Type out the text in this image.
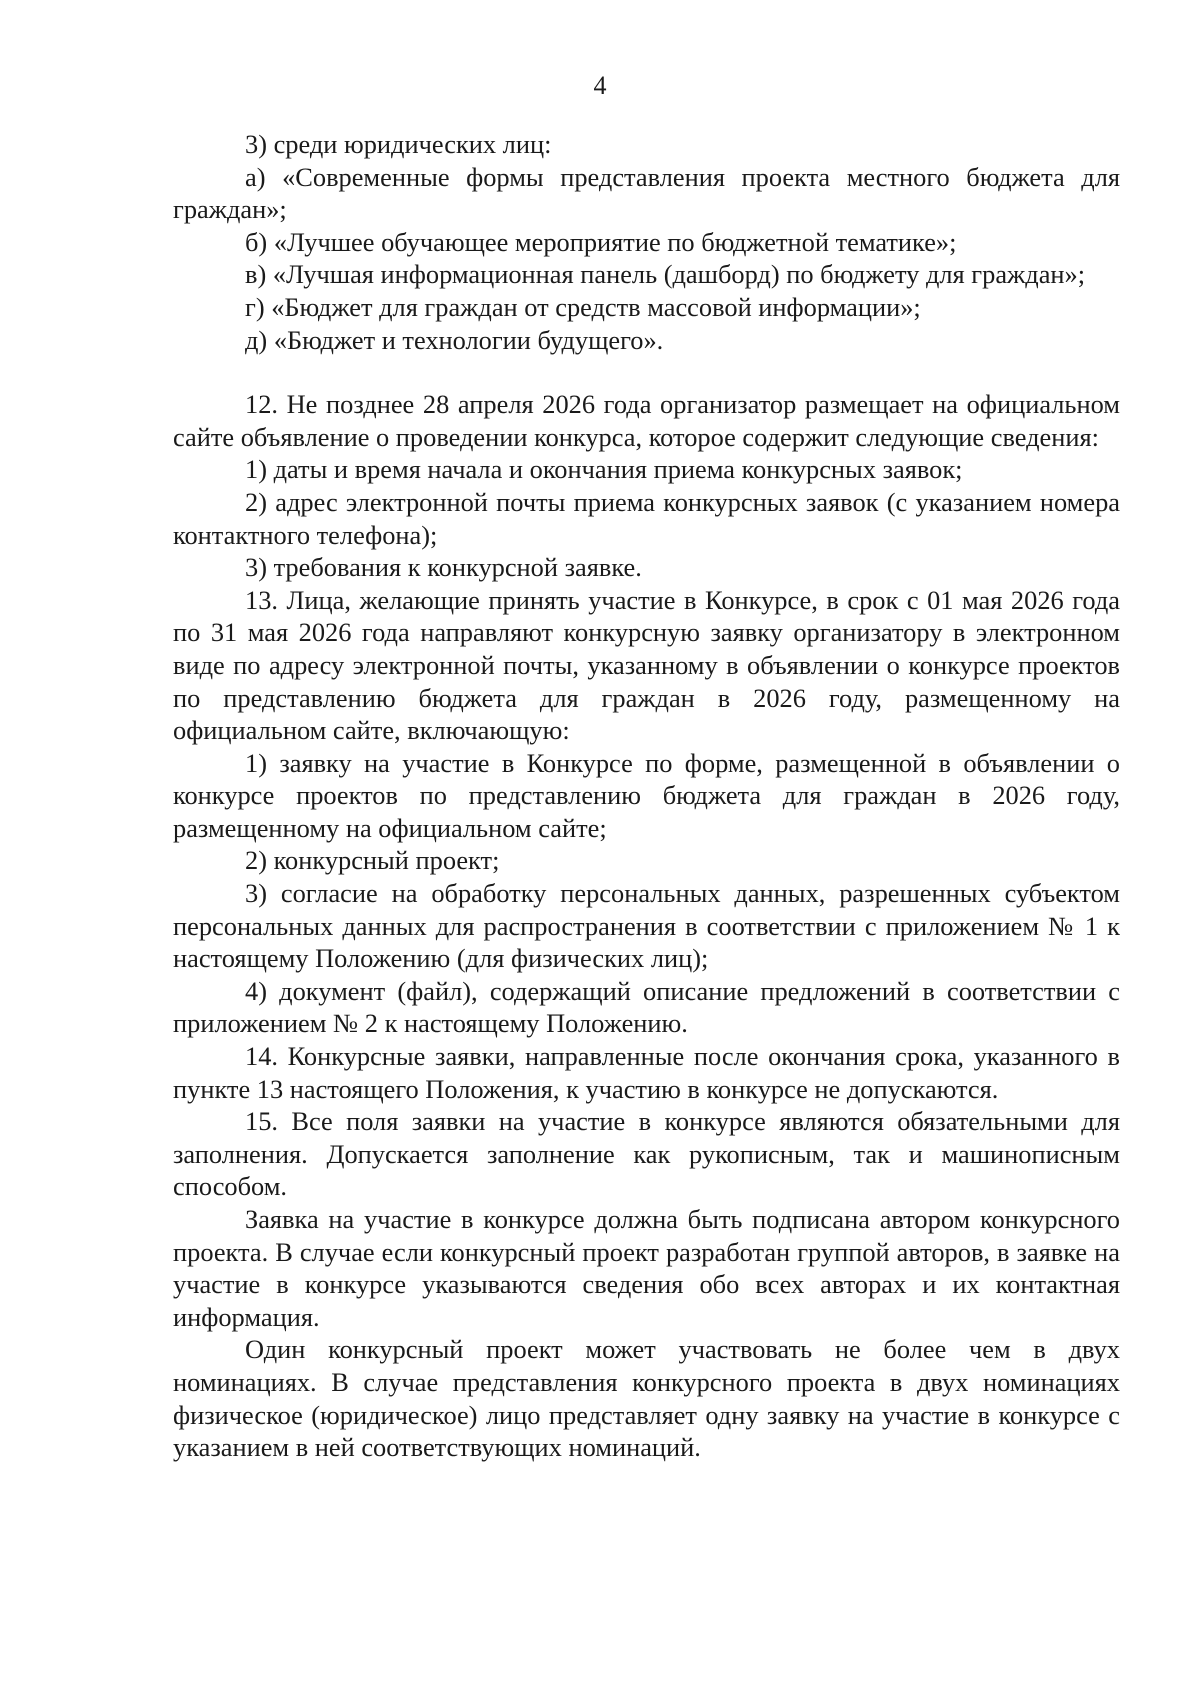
4

3) среди юридических лиц:

а) «Современные формы представления проекта местного бюджета для граждан»;

б) «Лучшее обучающее мероприятие по бюджетной тематике»;

в) «Лучшая информационная панель (дашборд) по бюджету для граждан»;

г) «Бюджет для граждан от средств массовой информации»;

д) «Бюджет и технологии будущего».

12. Не позднее 28 апреля 2026 года организатор размещает на официальном сайте объявление о проведении конкурса, которое содержит следующие сведения:

1) даты и время начала и окончания приема конкурсных заявок;

2) адрес электронной почты приема конкурсных заявок (с указанием номера контактного телефона);

3) требования к конкурсной заявке.

13. Лица, желающие принять участие в Конкурсе, в срок с 01 мая 2026 года по 31 мая 2026 года направляют конкурсную заявку организатору в электронном виде по адресу электронной почты, указанному в объявлении о конкурсе проектов по представлению бюджета для граждан в 2026 году, размещенному на официальном сайте, включающую:

1) заявку на участие в Конкурсе по форме, размещенной в объявлении о конкурсе проектов по представлению бюджета для граждан в 2026 году, размещенному на официальном сайте;

2) конкурсный проект;

3) согласие на обработку персональных данных, разрешенных субъектом персональных данных для распространения в соответствии с приложением № 1 к настоящему Положению (для физических лиц);

4) документ (файл), содержащий описание предложений в соответствии с приложением № 2 к настоящему Положению.

14. Конкурсные заявки, направленные после окончания срока, указанного в пункте 13 настоящего Положения, к участию в конкурсе не допускаются.

15. Все поля заявки на участие в конкурсе являются обязательными для заполнения. Допускается заполнение как рукописным, так и машинописным способом.

Заявка на участие в конкурсе должна быть подписана автором конкурсного проекта. В случае если конкурсный проект разработан группой авторов, в заявке на участие в конкурсе указываются сведения обо всех авторах и их контактная информация.

Один конкурсный проект может участвовать не более чем в двух номинациях. В случае представления конкурсного проекта в двух номинациях физическое (юридическое) лицо представляет одну заявку на участие в конкурсе с указанием в ней соответствующих номинаций.
